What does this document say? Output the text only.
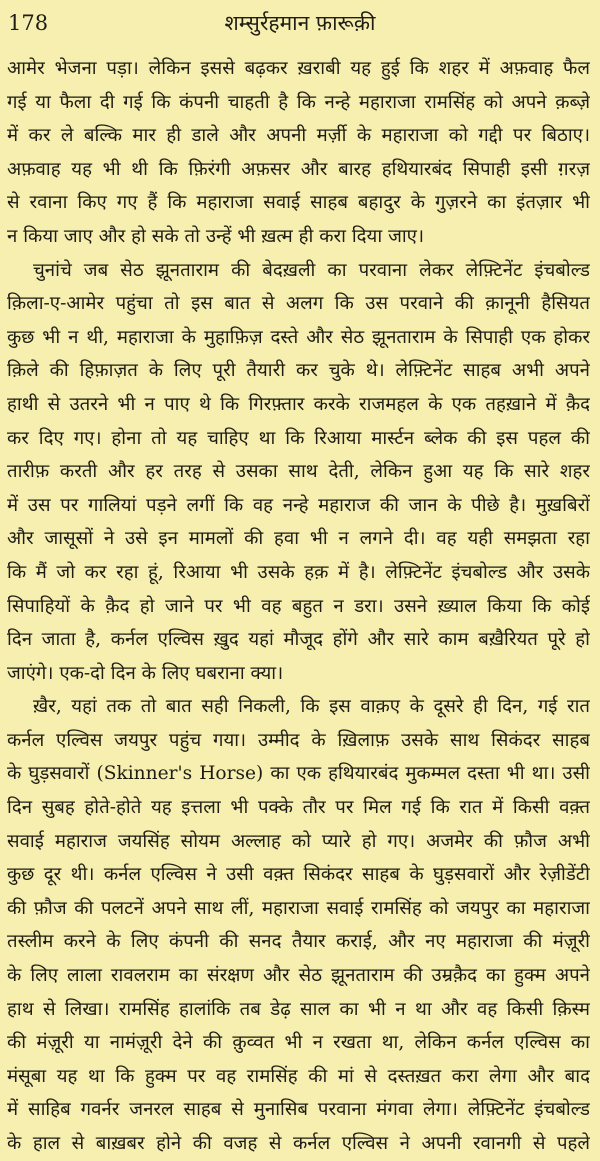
178	शम्सुर्रहमान फ़ारूक़ी

आमेर भेजना पड़ा। लेकिन इससे बढ़कर ख़राबी यह हुई कि शहर में अफ़वाह फैल
गई या फैला दी गई कि कंपनी चाहती है कि नन्हे महाराजा रामसिंह को अपने क़ब्ज़े
में कर ले बल्कि मार ही डाले और अपनी मर्ज़ी के महाराजा को गद्दी पर बिठाए।
अफ़वाह यह भी थी कि फ़िरंगी अफ़सर और बारह हथियारबंद सिपाही इसी ग़रज़
से रवाना किए गए हैं कि महाराजा सवाई साहब बहादुर के गुज़रने का इंतज़ार भी
न किया जाए और हो सके तो उन्हें भी ख़त्म ही करा दिया जाए।

चुनांचे जब सेठ झूनताराम की बेदख़ली का परवाना लेकर लेफ़्टिनेंट इंचबोल्ड
क़िला-ए-आमेर पहुंचा तो इस बात से अलग कि उस परवाने की क़ानूनी हैसियत
कुछ भी न थी, महाराजा के मुहाफ़िज़ दस्ते और सेठ झूनताराम के सिपाही एक होकर
क़िले की हिफ़ाज़त के लिए पूरी तैयारी कर चुके थे। लेफ़्टिनेंट साहब अभी अपने
हाथी से उतरने भी न पाए थे कि गिरफ़्तार करके राजमहल के एक तहख़ाने में क़ैद
कर दिए गए। होना तो यह चाहिए था कि रिआया मार्स्टन ब्लेक की इस पहल की
तारीफ़ करती और हर तरह से उसका साथ देती, लेकिन हुआ यह कि सारे शहर
में उस पर गालियां पड़ने लगीं कि वह नन्हे महाराज की जान के पीछे है। मुख़बिरों
और जासूसों ने उसे इन मामलों की हवा भी न लगने दी। वह यही समझता रहा
कि मैं जो कर रहा हूं, रिआया भी उसके हक़ में है। लेफ़्टिनेंट इंचबोल्ड और उसके
सिपाहियों के क़ैद हो जाने पर भी वह बहुत न डरा। उसने ख़्याल किया कि कोई
दिन जाता है, कर्नल एल्विस ख़ुद यहां मौजूद होंगे और सारे काम बख़ैरियत पूरे हो
जाएंगे। एक-दो दिन के लिए घबराना क्या।

ख़ैर, यहां तक तो बात सही निकली, कि इस वाक़ए के दूसरे ही दिन, गई रात
कर्नल एल्विस जयपुर पहुंच गया। उम्मीद के ख़िलाफ़ उसके साथ सिकंदर साहब
के घुड़सवारों (Skinner's Horse) का एक हथियारबंद मुकम्मल दस्ता भी था। उसी
दिन सुबह होते-होते यह इत्तला भी पक्के तौर पर मिल गई कि रात में किसी वक़्त
सवाई महाराज जयसिंह सोयम अल्लाह को प्यारे हो गए। अजमेर की फ़ौज अभी
कुछ दूर थी। कर्नल एल्विस ने उसी वक़्त सिकंदर साहब के घुड़सवारों और रेज़ीडेंटी
की फ़ौज की पलटनें अपने साथ लीं, महाराजा सवाई रामसिंह को जयपुर का महाराजा
तस्लीम करने के लिए कंपनी की सनद तैयार कराई, और नए महाराजा की मंज़ूरी
के लिए लाला रावलराम का संरक्षण और सेठ झूनताराम की उम्रक़ैद का हुक्म अपने
हाथ से लिखा। रामसिंह हालांकि तब डेढ़ साल का भी न था और वह किसी क़िस्म
की मंज़ूरी या नामंज़ूरी देने की क़ुव्वत भी न रखता था, लेकिन कर्नल एल्विस का
मंसूबा यह था कि हुक्म पर वह रामसिंह की मां से दस्तख़त करा लेगा और बाद
में साहिब गवर्नर जनरल साहब से मुनासिब परवाना मंगवा लेगा। लेफ़्टिनेंट इंचबोल्ड
के हाल से बाख़बर होने की वजह से कर्नल एल्विस ने अपनी रवानगी से पहले
